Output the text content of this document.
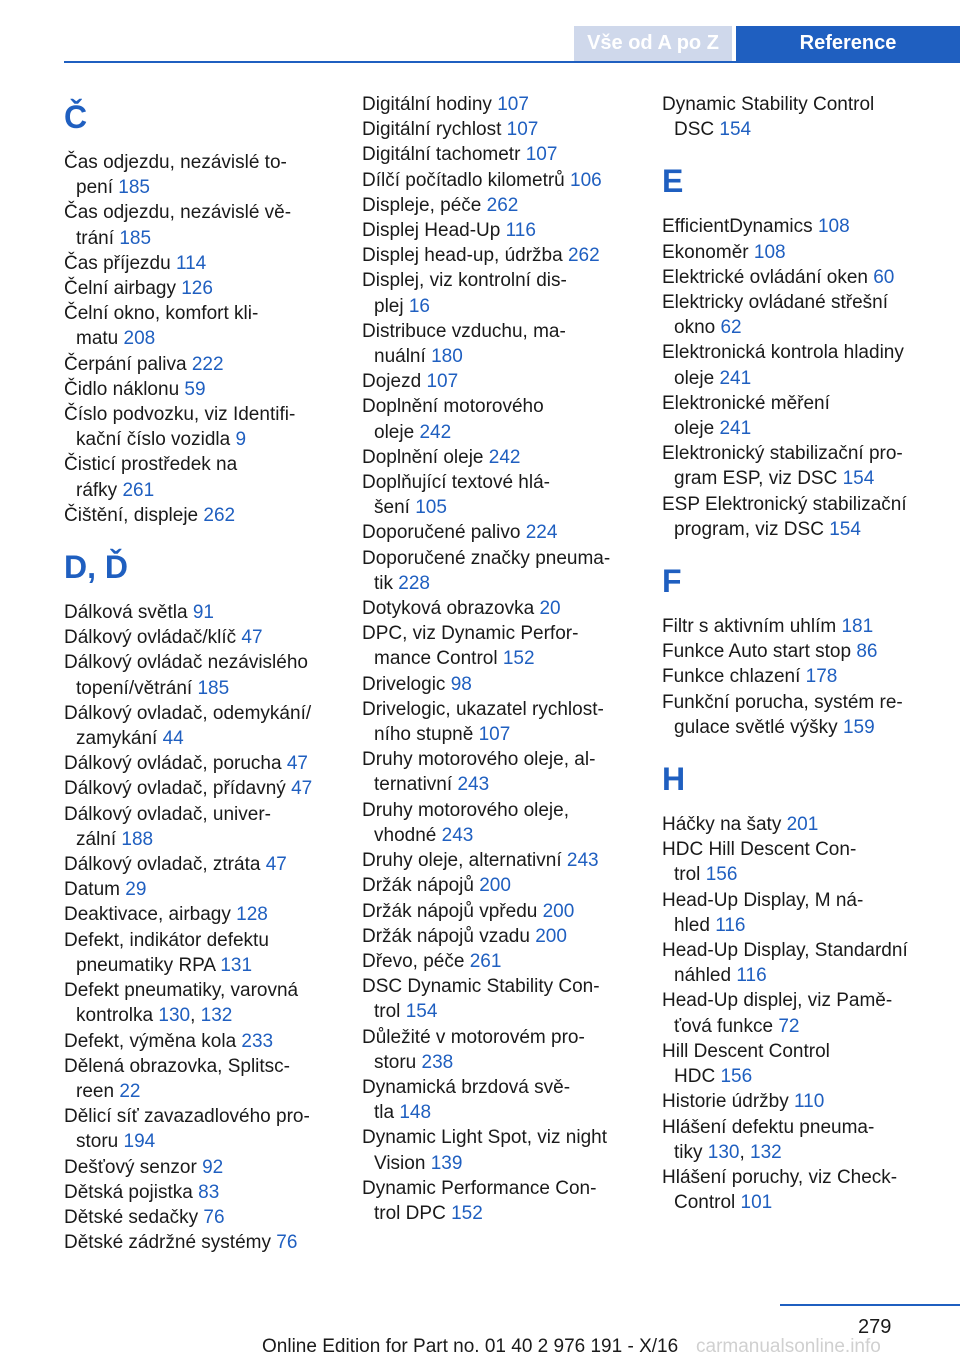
Vše od A po Z	Reference
Č
Čas odjezdu, nezávislé to‐
pení 185
Čas odjezdu, nezávislé vě‐
trání 185
Čas příjezdu 114
Čelní airbagy 126
Čelní okno, komfort kli‐
matu 208
Čerpání paliva 222
Čidlo náklonu 59
Číslo podvozku, viz Identifi‐
kační číslo vozidla 9
Čisticí prostředek na
ráfky 261
Čištění, displeje 262
D, Ď
Dálková světla 91
Dálkový ovládač/klíč 47
Dálkový ovládač nezávislého
topení/větrání 185
Dálkový ovladač, odemykání/
zamykání 44
Dálkový ovládač, porucha 47
Dálkový ovladač, přídavný 47
Dálkový ovladač, univer‐
zální 188
Dálkový ovladač, ztráta 47
Datum 29
Deaktivace, airbagy 128
Defekt, indikátor defektu
pneumatiky RPA 131
Defekt pneumatiky, varovná
kontrolka 130, 132
Defekt, výměna kola 233
Dělená obrazovka, Splitsc‐
reen 22
Dělicí síť zavazadlového pro‐
storu 194
Dešťový senzor 92
Dětská pojistka 83
Dětské sedačky 76
Dětské zádržné systémy 76
Digitální hodiny 107
Digitální rychlost 107
Digitální tachometr 107
Dílčí počítadlo kilometrů 106
Displeje, péče 262
Displej Head-Up 116
Displej head-up, údržba 262
Displej, viz kontrolní dis‐
plej 16
Distribuce vzduchu, ma‐
nuální 180
Dojezd 107
Doplnění motorového
oleje 242
Doplnění oleje 242
Doplňující textové hlá‐
šení 105
Doporučené palivo 224
Doporučené značky pneuma‐
tik 228
Dotyková obrazovka 20
DPC, viz Dynamic Perfor‐
mance Control 152
Drivelogic 98
Drivelogic, ukazatel rychlost‐
ního stupně 107
Druhy motorového oleje, al‐
ternativní 243
Druhy motorového oleje,
vhodné 243
Druhy oleje, alternativní 243
Držák nápojů 200
Držák nápojů vpředu 200
Držák nápojů vzadu 200
Dřevo, péče 261
DSC Dynamic Stability Con‐
trol 154
Důležité v motorovém pro‐
storu 238
Dynamická brzdová svě‐
tla 148
Dynamic Light Spot, viz night
Vision 139
Dynamic Performance Con‐
trol DPC 152
Dynamic Stability Control
DSC 154
E
EfficientDynamics 108
Ekonoměr 108
Elektrické ovládání oken 60
Elektricky ovládané střešní
okno 62
Elektronická kontrola hladiny
oleje 241
Elektronické měření
oleje 241
Elektronický stabilizační pro‐
gram ESP, viz DSC 154
ESP Elektronický stabilizační
program, viz DSC 154
F
Filtr s aktivním uhlím 181
Funkce Auto start stop 86
Funkce chlazení 178
Funkční porucha, systém re‐
gulace světlé výšky 159
H
Háčky na šaty 201
HDC Hill Descent Con‐
trol 156
Head-Up Display, M ná‐
hled 116
Head-Up Display, Standardní
náhled 116
Head-Up displej, viz Pamě‐
ťová funkce 72
Hill Descent Control
HDC 156
Historie údržby 110
Hlášení defektu pneuma‐
tiky 130, 132
Hlášení poruchy, viz Check-
Control 101
279
Online Edition for Part no. 01 40 2 976 191 - X/16 carmanualsonline.info
